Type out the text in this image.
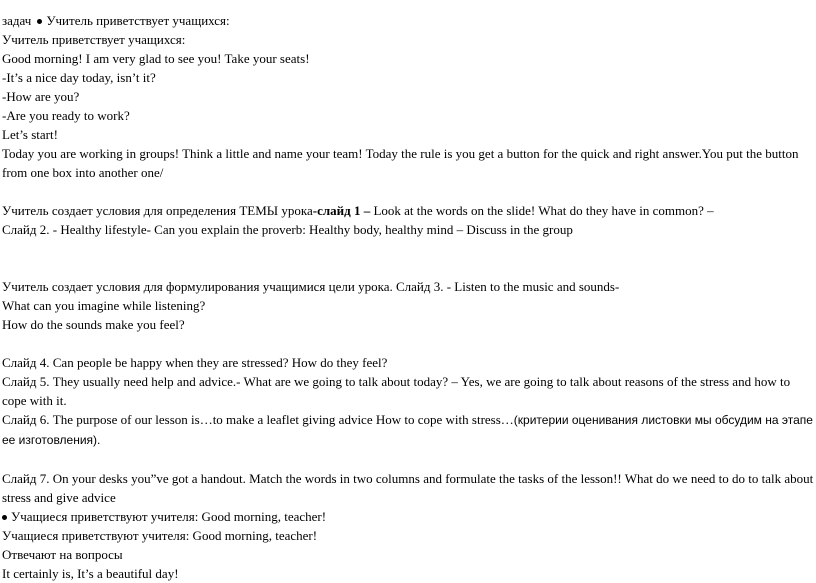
задач Учитель приветствует учащихся:
Учитель приветствует учащихся:
Good morning! I am very glad to see you! Take your seats!
-It’s a nice day today, isn’t it?
-How are you?
-Are you ready to work?
Let’s start!
Today you are working in groups! Think a little and name your team! Today the rule is you get a button for the quick and right answer.You put the button from one box into another one/
Учитель создает условия для определения ТЕМЫ урока-слайд 1 – Look at the words on the slide! What do they have in common? –
Слайд 2. - Healthy lifestyle- Can you explain the proverb: Healthy body, healthy mind – Discuss in the group
Учитель создает условия для формулирования учащимися цели урока. Слайд 3. - Listen to the music and sounds-
What can you imagine while listening?
How do the sounds make you feel?
Слайд 4. Can people be happy when they are stressed? How do they feel?
Слайд 5. They usually need help and advice.- What are we going to talk about today? – Yes, we are going to talk about reasons of the stress and how to cope with it.
Слайд 6. The purpose of our lesson is…to make a leaflet giving advice How to cope with stress…(критерии оценивания листовки мы обсудим на этапе ее изготовления).
Слайд 7. On your desks you”ve got a handout. Match the words in two columns and formulate the tasks of the lesson!! What do we need to do to talk about stress and give advice
Учащиеся приветствуют учителя: Good morning, teacher!
Учащиеся приветствуют учителя: Good morning, teacher!
Отвечают на вопросы
It certainly is, It’s a beautiful day!
